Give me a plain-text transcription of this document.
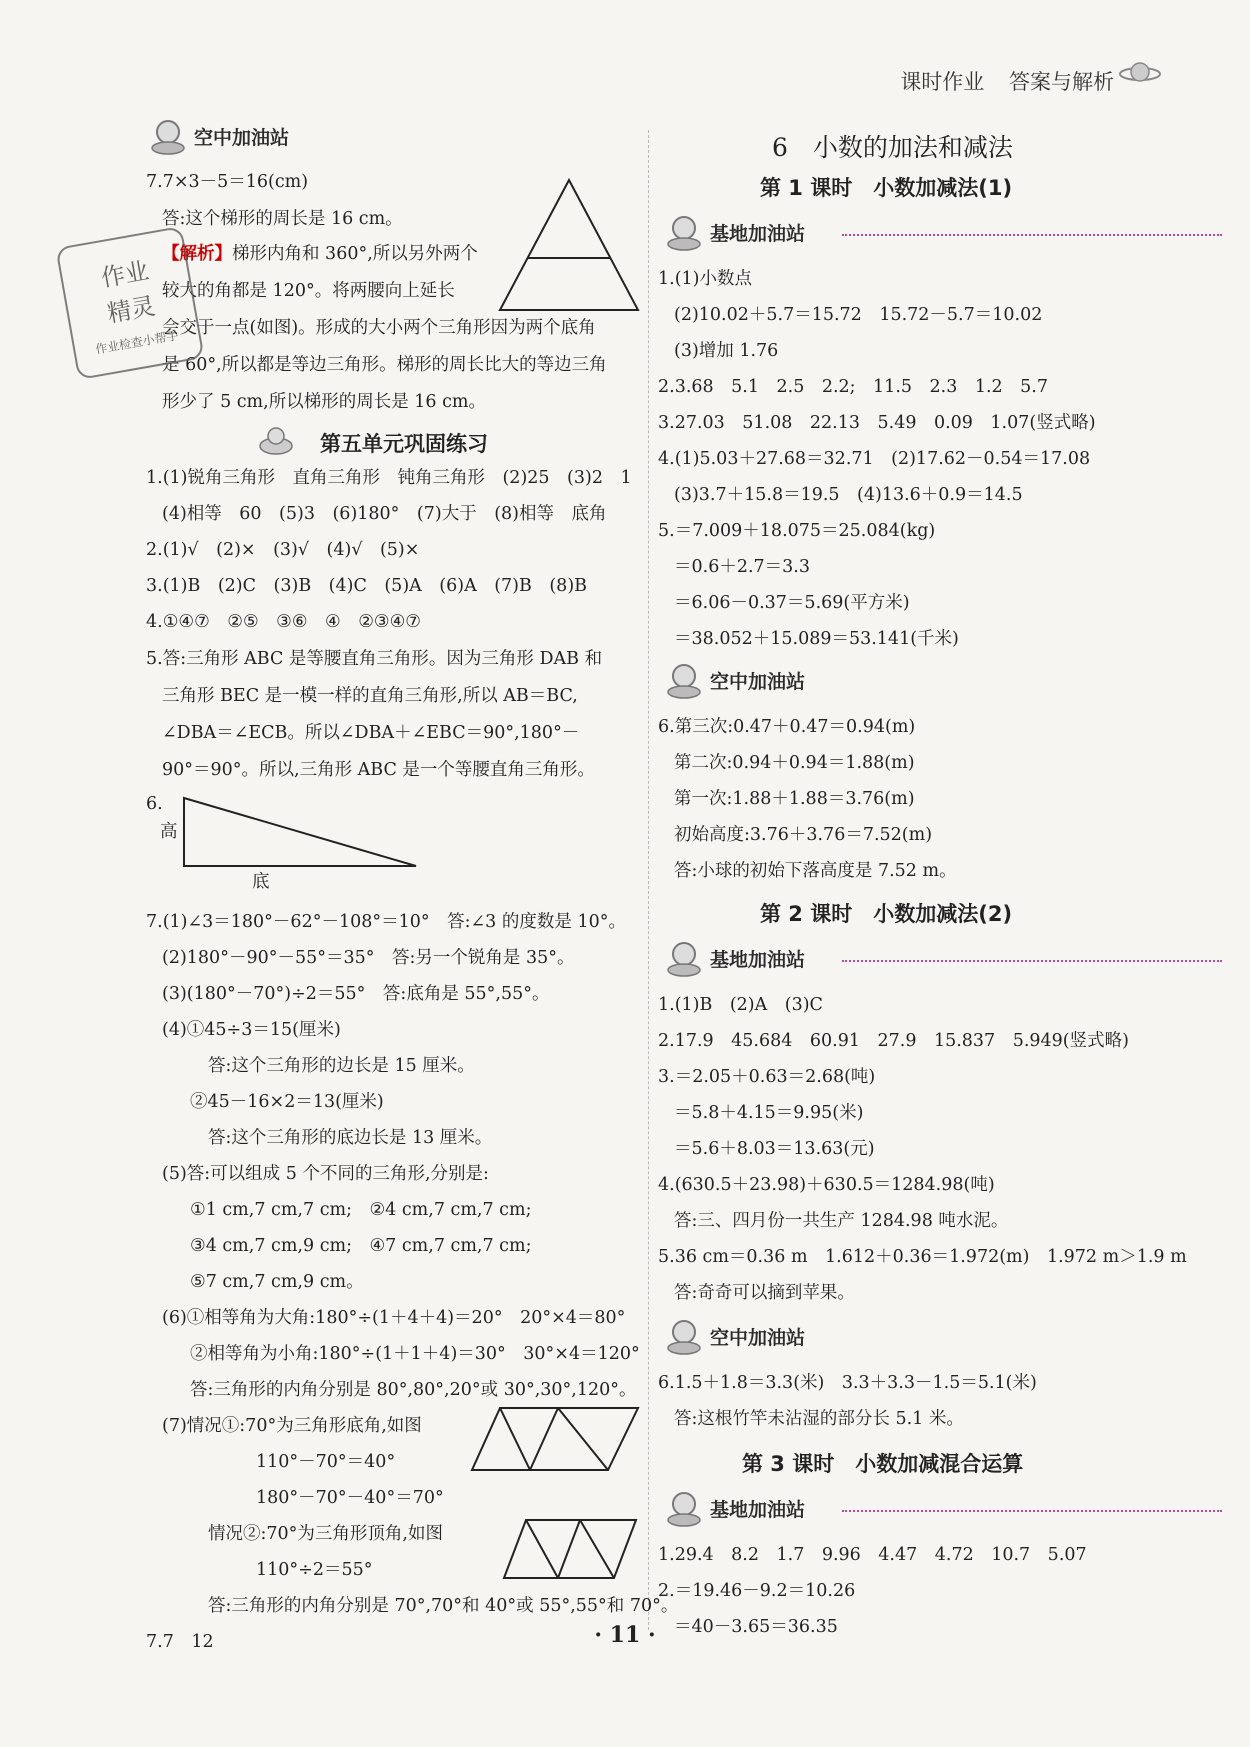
课时作业 答案与解析
空中加油站
7.7×3－5＝16(cm)
答:这个梯形的周长是 16 cm。
【解析】梯形内角和 360°,所以另外两个
较大的角都是 120°。将两腰向上延长
会交于一点(如图)。形成的大小两个三角形因为两个底角
是 60°,所以都是等边三角形。梯形的周长比大的等边三角
形少了 5 cm,所以梯形的周长是 16 cm。
作业
精灵
作业检查小帮手
第五单元巩固练习
1.(1)锐角三角形　直角三角形　钝角三角形　(2)25　(3)2　1
(4)相等　60　(5)3　(6)180°　(7)大于　(8)相等　底角
2.(1)√　(2)×　(3)√　(4)√　(5)×
3.(1)B　(2)C　(3)B　(4)C　(5)A　(6)A　(7)B　(8)B
4.①④⑦　②⑤　③⑥　④　②③④⑦
5.答:三角形 ABC 是等腰直角三角形。因为三角形 DAB 和
三角形 BEC 是一模一样的直角三角形,所以 AB＝BC,
∠DBA＝∠ECB。所以∠DBA＋∠EBC＝90°,180°－
90°＝90°。所以,三角形 ABC 是一个等腰直角三角形。
6.
高
底
7.(1)∠3＝180°－62°－108°＝10°　答:∠3 的度数是 10°。
(2)180°－90°－55°＝35°　答:另一个锐角是 35°。
(3)(180°－70°)÷2＝55°　答:底角是 55°,55°。
(4)①45÷3＝15(厘米)
答:这个三角形的边长是 15 厘米。
②45－16×2＝13(厘米)
答:这个三角形的底边长是 13 厘米。
(5)答:可以组成 5 个不同的三角形,分别是:
①1 cm,7 cm,7 cm;　②4 cm,7 cm,7 cm;
③4 cm,7 cm,9 cm;　④7 cm,7 cm,7 cm;
⑤7 cm,7 cm,9 cm。
(6)①相等角为大角:180°÷(1＋4＋4)＝20°　20°×4＝80°
②相等角为小角:180°÷(1＋1＋4)＝30°　30°×4＝120°
答:三角形的内角分别是 80°,80°,20°或 30°,30°,120°。
(7)情况①:70°为三角形底角,如图
110°－70°＝40°
180°－70°－40°＝70°
情况②:70°为三角形顶角,如图
110°÷2＝55°
答:三角形的内角分别是 70°,70°和 40°或 55°,55°和 70°。
7.7　12
6　小数的加法和减法
第 1 课时　小数加减法(1)
基地加油站
1.(1)小数点
(2)10.02＋5.7＝15.72　15.72－5.7＝10.02
(3)增加 1.76
2.3.68　5.1　2.5　2.2;　11.5　2.3　1.2　5.7
3.27.03　51.08　22.13　5.49　0.09　1.07(竖式略)
4.(1)5.03＋27.68＝32.71　(2)17.62－0.54＝17.08
(3)3.7＋15.8＝19.5　(4)13.6＋0.9＝14.5
5.＝7.009＋18.075＝25.084(kg)
＝0.6＋2.7＝3.3
＝6.06－0.37＝5.69(平方米)
＝38.052＋15.089＝53.141(千米)
空中加油站
6.第三次:0.47＋0.47＝0.94(m)
第二次:0.94＋0.94＝1.88(m)
第一次:1.88＋1.88＝3.76(m)
初始高度:3.76＋3.76＝7.52(m)
答:小球的初始下落高度是 7.52 m。
第 2 课时　小数加减法(2)
基地加油站
1.(1)B　(2)A　(3)C
2.17.9　45.684　60.91　27.9　15.837　5.949(竖式略)
3.＝2.05＋0.63＝2.68(吨)
＝5.8＋4.15＝9.95(米)
＝5.6＋8.03＝13.63(元)
4.(630.5＋23.98)＋630.5＝1284.98(吨)
答:三、四月份一共生产 1284.98 吨水泥。
5.36 cm＝0.36 m　1.612＋0.36＝1.972(m)　1.972 m＞1.9 m
答:奇奇可以摘到苹果。
空中加油站
6.1.5＋1.8＝3.3(米)　3.3＋3.3－1.5＝5.1(米)
答:这根竹竿未沾湿的部分长 5.1 米。
第 3 课时　小数加减混合运算
基地加油站
1.29.4　8.2　1.7　9.96　4.47　4.72　10.7　5.07
2.＝19.46－9.2＝10.26
＝40－3.65＝36.35
· 11 ·
